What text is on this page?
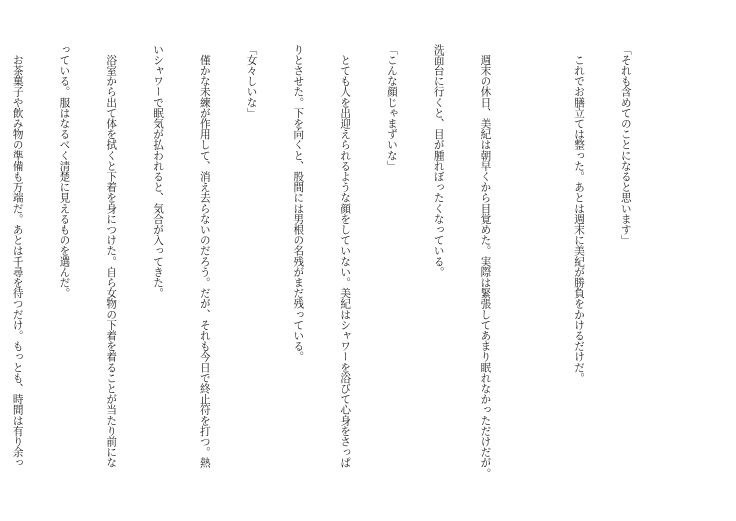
「それも含めてのことになると思います」

　これでお膳立ては整った。あとは週末に美紀が勝負をかけるだけだ。

　週末の休日、美紀は朝早くから目覚めた。実際は緊張してあまり眠れなかっただけだが。

洗面台に行くと、目が腫れぼったくなっている。

「こんな顔じゃまずいな」

　とても人を出迎えられるような顔をしていない。美紀はシャワーを浴びて心身をさっぱ

りとさせた。下を向くと、股間には男根の名残がまだ残っている。

「女々しいな」

　僅かな未練が作用して、消え去らないのだろう。だが、それも今日で終止符を打つ。熱

いシャワーで眠気が払われると、気合が入ってきた。

　浴室から出て体を拭くと下着を身につけた。自ら女物の下着を着ることが当たり前にな

っている。服はなるべく清楚に見えるものを選んだ。

　お茶菓子や飲み物の準備も万端だ。あとは千尋を待つだけ。もっとも、時間は有り余っ
